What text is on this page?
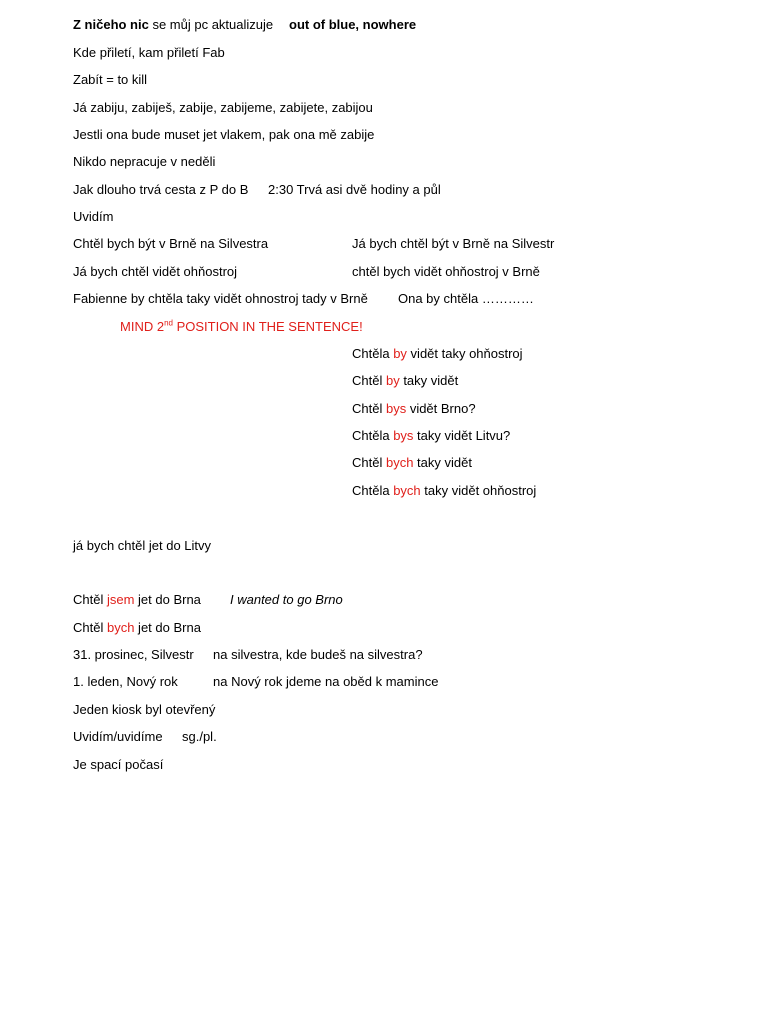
Z ničeho nic se můj pc aktualizuje out of blue, nowhere
Kde přiletí, kam přiletí Fab
Zabít = to kill
Já zabiju, zabiješ, zabije, zabijeme, zabijete, zabijou
Jestli ona bude muset jet vlakem, pak ona mě zabije
Nikdo nepracuje v neděli
Jak dlouho trvá cesta z P do B 2:30 Trvá asi dvě hodiny a půl
Uvidím
Chtěl bych být v Brně na Silvestra	Já bych chtěl být v Brně na Silvestr
Já bych chtěl vidět ohňostroj	chtěl bych vidět ohňostroj v Brně
Fabienne by chtěla taky vidět ohnostroj tady v Brně Ona by chtěla …………
MIND 2nd POSITION IN THE SENTENCE!
Chtěla by vidět taky ohňostroj
Chtěl by taky vidět
Chtěl bys vidět Brno?
Chtěla bys taky vidět Litvu?
Chtěl bych taky vidět
Chtěla bych taky vidět ohňostroj
já bych chtěl jet do Litvy
Chtěl jsem jet do Brna I wanted to go Brno
Chtěl bych jet do Brna
31. prosinec, Silvestr na silvestra, kde budeš na silvestra?
1. leden, Nový rok	na Nový rok jdeme na oběd k mamince
Jeden kiosk byl otevřený
Uvidím/uvidíme sg./pl.
Je spací počasí
